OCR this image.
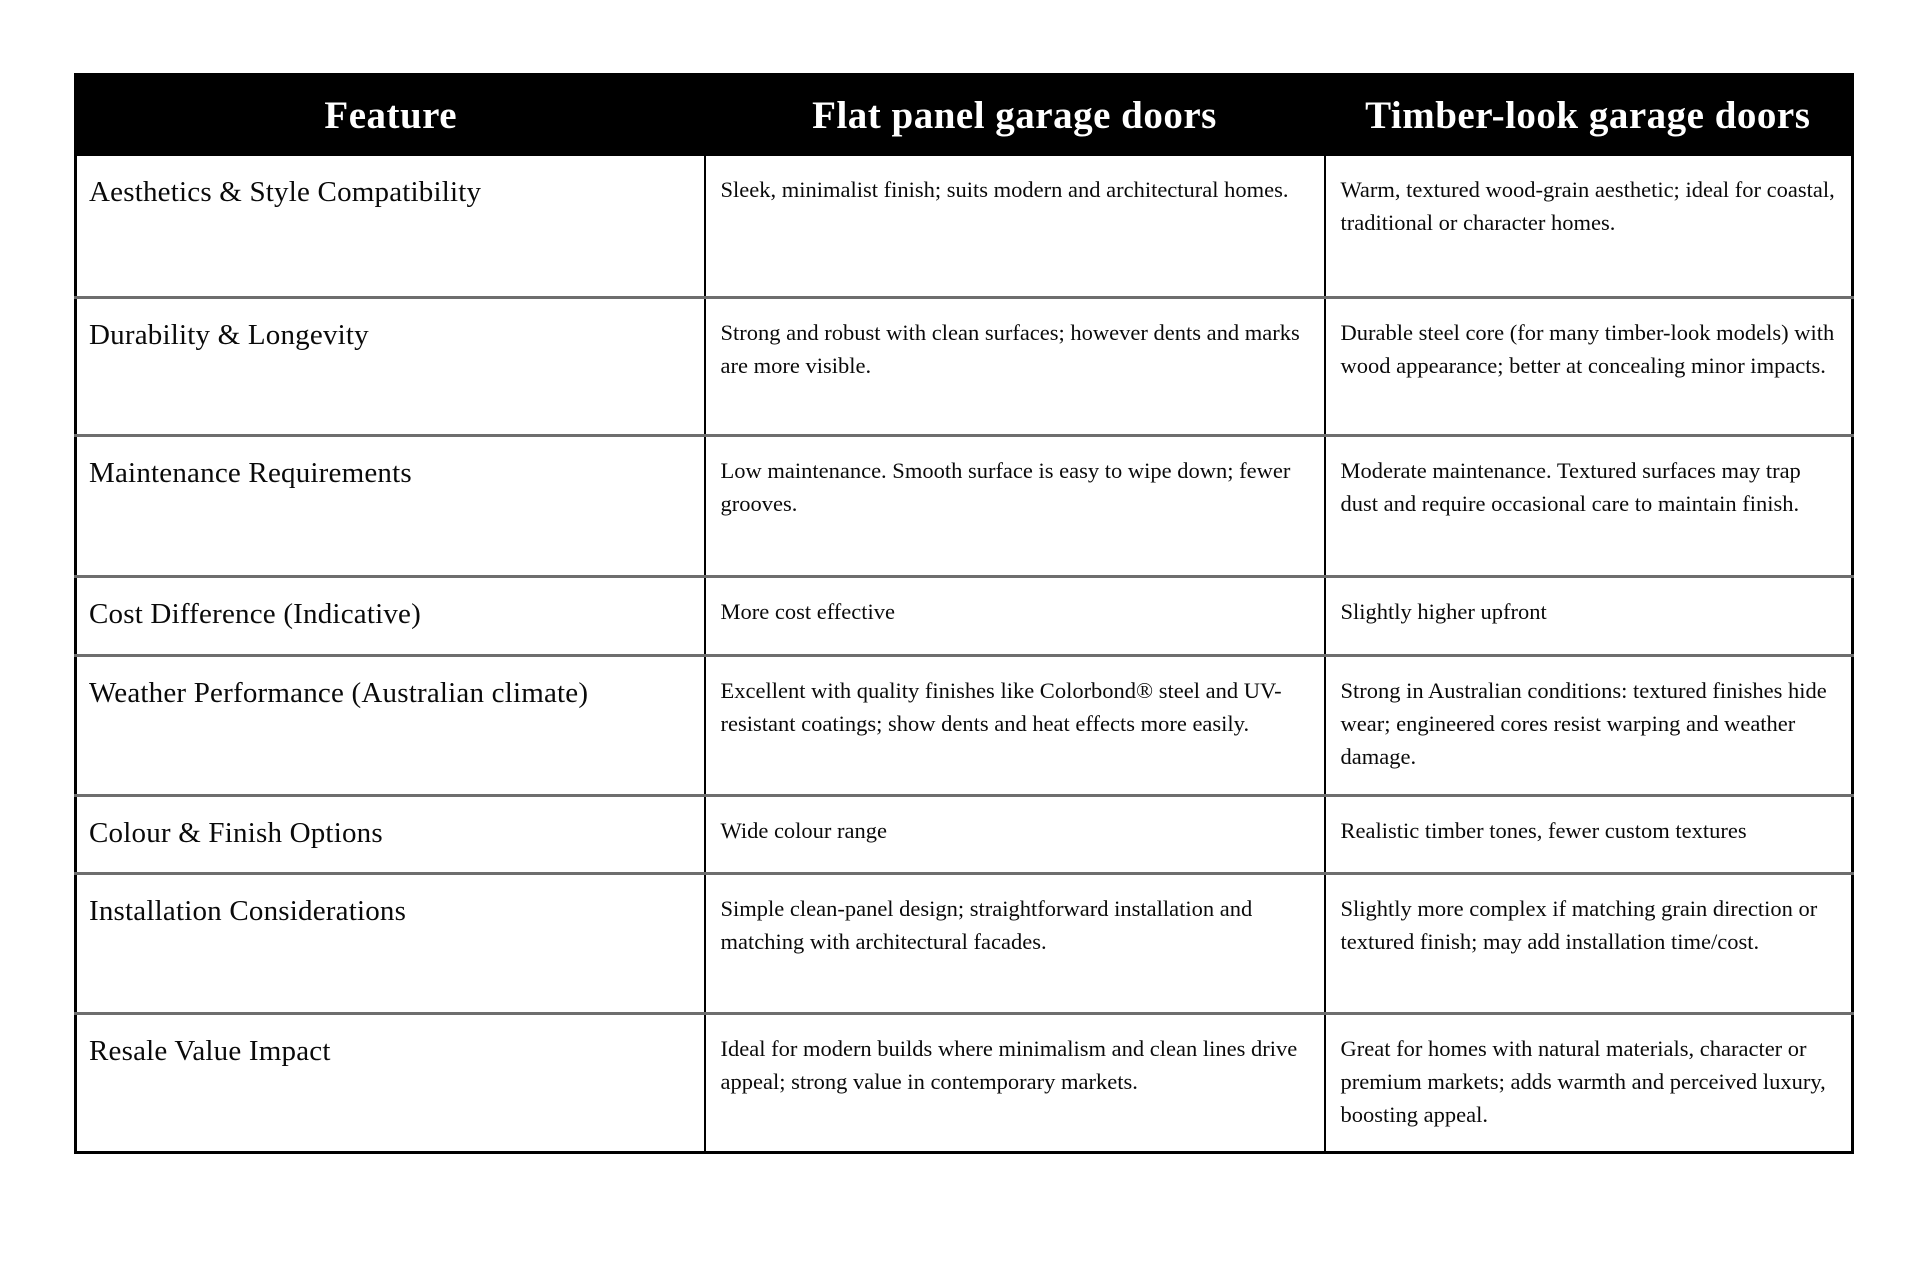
Feature	Flat panel garage doors	Timber-look garage doors
Aesthetics & Style Compatibility	Sleek, minimalist finish; suits modern and architectural homes.	Warm, textured wood-grain aesthetic; ideal for coastal, traditional or character homes.
Durability & Longevity	Strong and robust with clean surfaces; however dents and marks are more visible.	Durable steel core (for many timber-look models) with wood appearance; better at concealing minor impacts.
Maintenance Requirements	Low maintenance. Smooth surface is easy to wipe down; fewer grooves.	Moderate maintenance. Textured surfaces may trap dust and require occasional care to maintain finish.
Cost Difference (Indicative)	More cost effective	Slightly higher upfront
Weather Performance (Australian climate)	Excellent with quality finishes like Colorbond® steel and UV-resistant coatings; show dents and heat effects more easily.	Strong in Australian conditions: textured finishes hide wear; engineered cores resist warping and weather damage.
Colour & Finish Options	Wide colour range	Realistic timber tones, fewer custom textures
Installation Considerations	Simple clean-panel design; straightforward installation and matching with architectural facades.	Slightly more complex if matching grain direction or textured finish; may add installation time/cost.
Resale Value Impact	Ideal for modern builds where minimalism and clean lines drive appeal; strong value in contemporary markets.	Great for homes with natural materials, character or premium markets; adds warmth and perceived luxury, boosting appeal.
